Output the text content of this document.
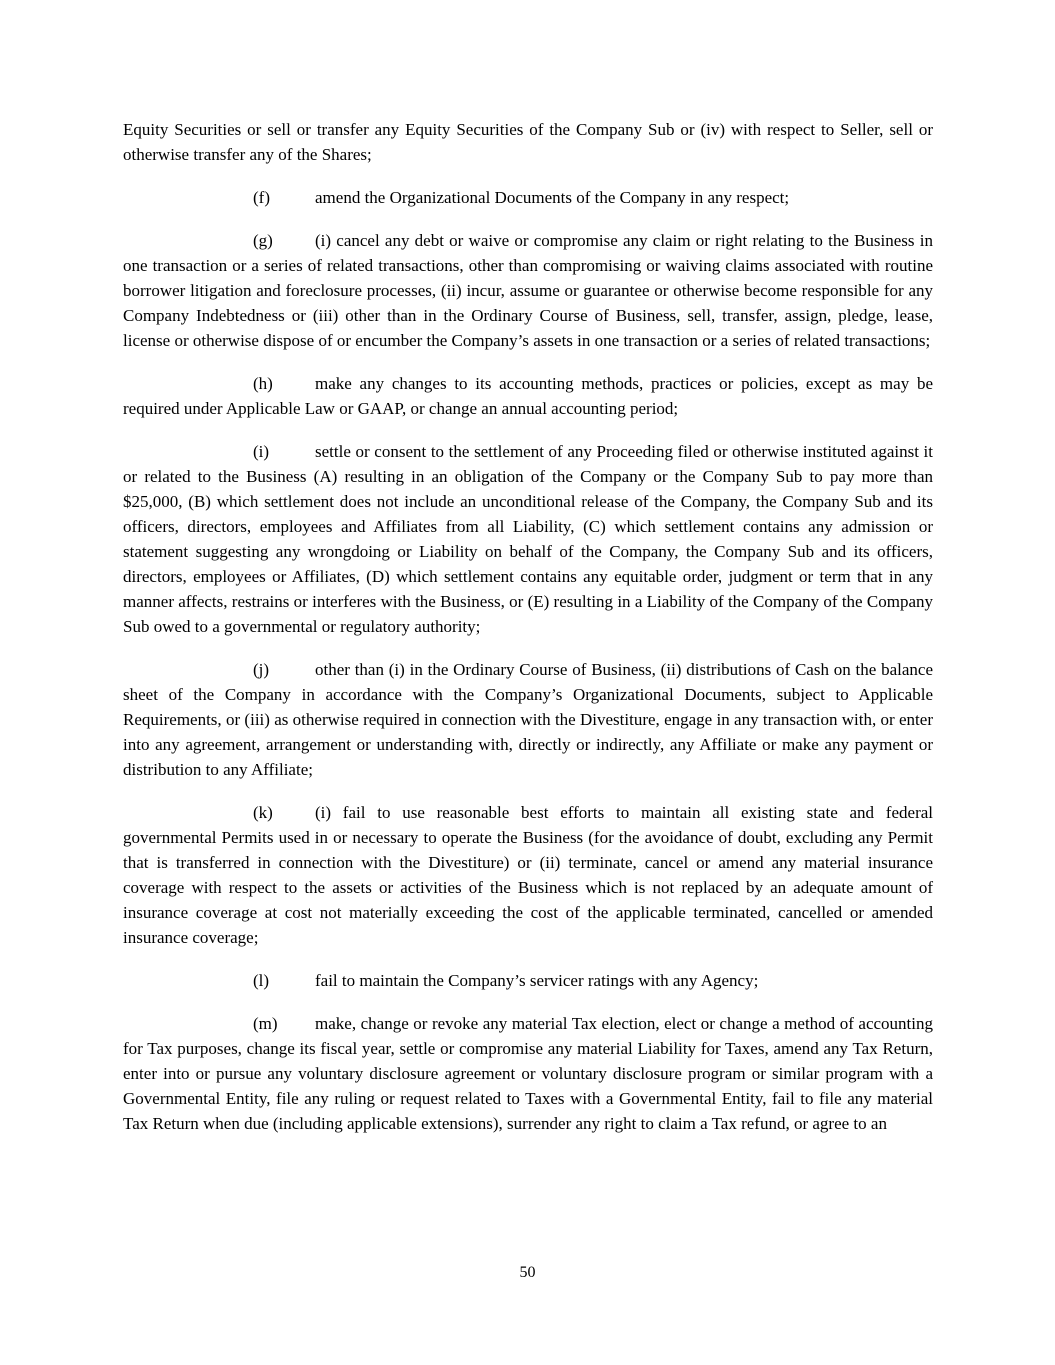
Equity Securities or sell or transfer any Equity Securities of the Company Sub or (iv) with respect to Seller, sell or otherwise transfer any of the Shares;

(f)	amend the Organizational Documents of the Company in any respect;

(g) (i) cancel any debt or waive or compromise any claim or right relating to the Business in one transaction or a series of related transactions, other than compromising or waiving claims associated with routine borrower litigation and foreclosure processes, (ii) incur, assume or guarantee or otherwise become responsible for any Company Indebtedness or (iii) other than in the Ordinary Course of Business, sell, transfer, assign, pledge, lease, license or otherwise dispose of or encumber the Company’s assets in one transaction or a series of related transactions;

(h) make any changes to its accounting methods, practices or policies, except as may be required under Applicable Law or GAAP, or change an annual accounting period;

(i)	settle or consent to the settlement of any Proceeding filed or otherwise instituted against it or related to the Business (A) resulting in an obligation of the Company or the Company Sub to pay more than $25,000, (B) which settlement does not include an unconditional release of the Company, the Company Sub and its officers, directors, employees and Affiliates from all Liability, (C) which settlement contains any admission or statement suggesting any wrongdoing or Liability on behalf of the Company, the Company Sub and its officers, directors, employees or Affiliates, (D) which settlement contains any equitable order, judgment or term that in any manner affects, restrains or interferes with the Business, or (E) resulting in a Liability of the Company of the Company Sub owed to a governmental or regulatory authority;

(j)	other than (i) in the Ordinary Course of Business, (ii) distributions of Cash on the balance sheet of the Company in accordance with the Company’s Organizational Documents, subject to Applicable Requirements, or (iii) as otherwise required in connection with the Divestiture, engage in any transaction with, or enter into any agreement, arrangement or understanding with, directly or indirectly, any Affiliate or make any payment or distribution to any Affiliate;

(k) (i) fail to use reasonable best efforts to maintain all existing state and federal governmental Permits used in or necessary to operate the Business (for the avoidance of doubt, excluding any Permit that is transferred in connection with the Divestiture) or (ii) terminate, cancel or amend any material insurance coverage with respect to the assets or activities of the Business which is not replaced by an adequate amount of insurance coverage at cost not materially exceeding the cost of the applicable terminated, cancelled or amended insurance coverage;

(l)	fail to maintain the Company’s servicer ratings with any Agency;

(m) make, change or revoke any material Tax election, elect or change a method of accounting for Tax purposes, change its fiscal year, settle or compromise any material Liability for Taxes, amend any Tax Return, enter into or pursue any voluntary disclosure agreement or voluntary disclosure program or similar program with a Governmental Entity, file any ruling or request related to Taxes with a Governmental Entity, fail to file any material Tax Return when due (including applicable extensions), surrender any right to claim a Tax refund, or agree to an

50
